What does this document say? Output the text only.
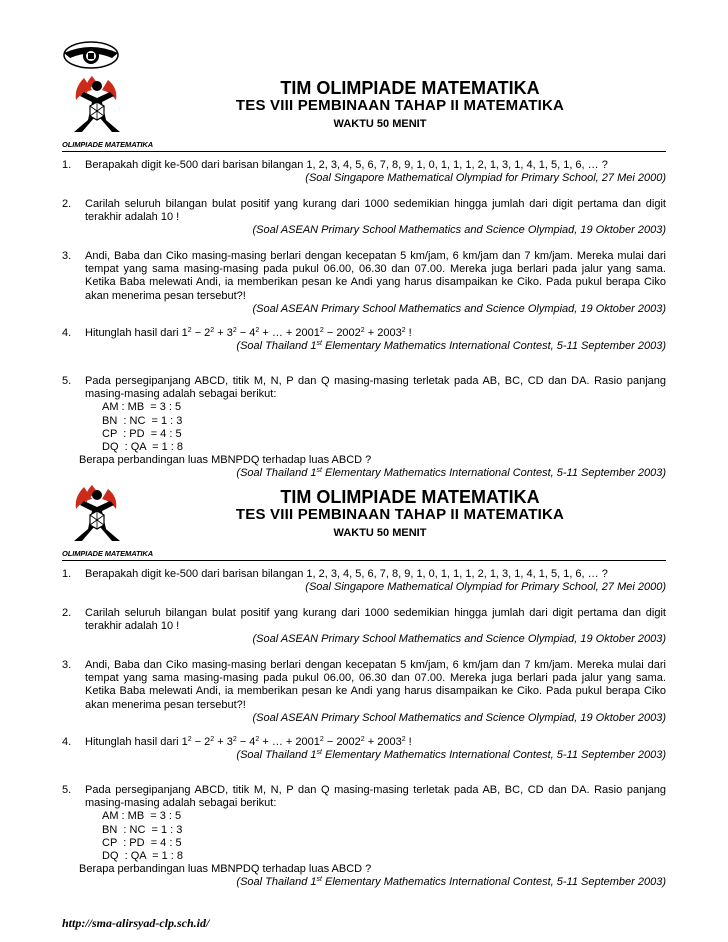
OLIMPIADE MATEMATIKA
TIM OLIMPIADE MATEMATIKA
TES VIII PEMBINAAN TAHAP II MATEMATIKA
WAKTU 50 MENIT
1. Berapakah digit ke-500 dari barisan bilangan 1, 2, 3, 4, 5, 6, 7, 8, 9, 1, 0, 1, 1, 1, 2, 1, 3, 1, 4, 1, 5, 1, 6, … ?
(Soal Singapore Mathematical Olympiad for Primary School, 27 Mei 2000)
2. Carilah seluruh bilangan bulat positif yang kurang dari 1000 sedemikian hingga jumlah dari digit pertama dan digit terakhir adalah 10 !
(Soal ASEAN Primary School Mathematics and Science Olympiad, 19 Oktober 2003)
3. Andi, Baba dan Ciko masing-masing berlari dengan kecepatan 5 km/jam, 6 km/jam dan 7 km/jam. Mereka mulai dari tempat yang sama masing-masing pada pukul 06.00, 06.30 dan 07.00. Mereka juga berlari pada jalur yang sama. Ketika Baba melewati Andi, ia memberikan pesan ke Andi yang harus disampaikan ke Ciko. Pada pukul berapa Ciko akan menerima pesan tersebut?!
(Soal ASEAN Primary School Mathematics and Science Olympiad, 19 Oktober 2003)
4. Hitunglah hasil dari $1^2 - 2^2 + 3^2 - 4^2$ + … + $2001^2 - 2002^2 + 2003^2$ !
(Soal Thailand 1st Elementary Mathematics International Contest, 5-11 September 2003)
5. Pada persegipanjang ABCD, titik M, N, P dan Q masing-masing terletak pada AB, BC, CD dan DA. Rasio panjang masing-masing adalah sebagai berikut:
AM : MB  = 3 : 5
BN  : NC  = 1 : 3
CP  : PD  = 4 : 5
DQ  : QA  = 1 : 8
Berapa perbandingan luas MBNPDQ terhadap luas ABCD ?
(Soal Thailand 1st Elementary Mathematics International Contest, 5-11 September 2003)
OLIMPIADE MATEMATIKA
TIM OLIMPIADE MATEMATIKA
TES VIII PEMBINAAN TAHAP II MATEMATIKA
WAKTU 50 MENIT
1. Berapakah digit ke-500 dari barisan bilangan 1, 2, 3, 4, 5, 6, 7, 8, 9, 1, 0, 1, 1, 1, 2, 1, 3, 1, 4, 1, 5, 1, 6, … ?
(Soal Singapore Mathematical Olympiad for Primary School, 27 Mei 2000)
2. Carilah seluruh bilangan bulat positif yang kurang dari 1000 sedemikian hingga jumlah dari digit pertama dan digit terakhir adalah 10 !
(Soal ASEAN Primary School Mathematics and Science Olympiad, 19 Oktober 2003)
3. Andi, Baba dan Ciko masing-masing berlari dengan kecepatan 5 km/jam, 6 km/jam dan 7 km/jam. Mereka mulai dari tempat yang sama masing-masing pada pukul 06.00, 06.30 dan 07.00. Mereka juga berlari pada jalur yang sama. Ketika Baba melewati Andi, ia memberikan pesan ke Andi yang harus disampaikan ke Ciko. Pada pukul berapa Ciko akan menerima pesan tersebut?!
(Soal ASEAN Primary School Mathematics and Science Olympiad, 19 Oktober 2003)
4. Hitunglah hasil dari $1^2 - 2^2 + 3^2 - 4^2$ + … + $2001^2 - 2002^2 + 2003^2$ !
(Soal Thailand 1st Elementary Mathematics International Contest, 5-11 September 2003)
5. Pada persegipanjang ABCD, titik M, N, P dan Q masing-masing terletak pada AB, BC, CD dan DA. Rasio panjang masing-masing adalah sebagai berikut:
AM : MB  = 3 : 5
BN  : NC  = 1 : 3
CP  : PD  = 4 : 5
DQ  : QA  = 1 : 8
Berapa perbandingan luas MBNPDQ terhadap luas ABCD ?
(Soal Thailand 1st Elementary Mathematics International Contest, 5-11 September 2003)
http://sma-alirsyad-clp.sch.id/
